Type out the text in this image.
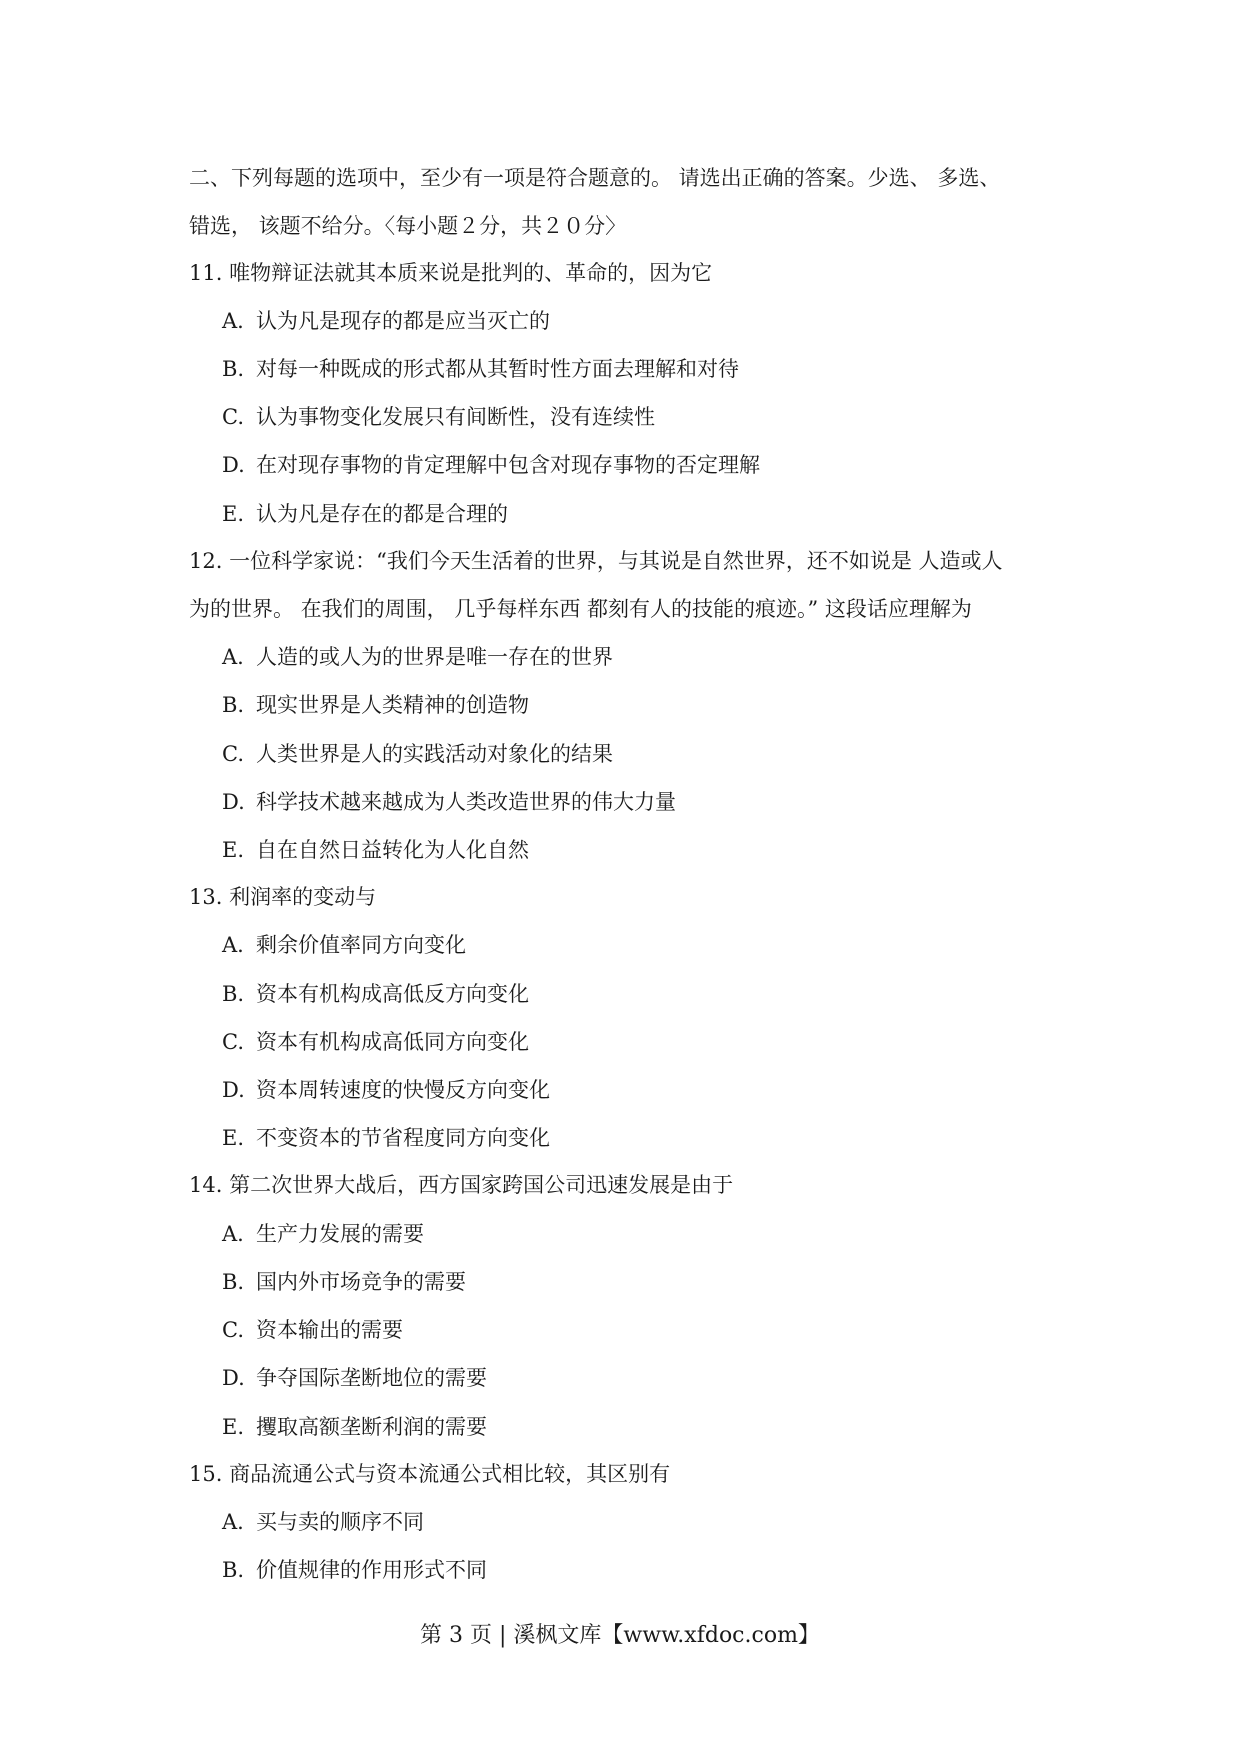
二、下列每题的选项中，至少有一项是符合题意的。 请选出正确的答案。少选、 多选、
错选， 该题不给分。〈每小题２分，共２０分〉
11. 唯物辩证法就其本质来说是批判的、革命的，因为它
A. 认为凡是现存的都是应当灭亡的
B. 对每一种既成的形式都从其暂时性方面去理解和对待
C. 认为事物变化发展只有间断性，没有连续性
D. 在对现存事物的肯定理解中包含对现存事物的否定理解
E. 认为凡是存在的都是合理的
12. 一位科学家说：“我们今天生活着的世界，与其说是自然世界，还不如说是 人造或人
为的世界。 在我们的周围， 几乎每样东西 都刻有人的技能的痕迹。” 这段话应理解为
A. 人造的或人为的世界是唯一存在的世界
B. 现实世界是人类精神的创造物
C. 人类世界是人的实践活动对象化的结果
D. 科学技术越来越成为人类改造世界的伟大力量
E. 自在自然日益转化为人化自然
13. 利润率的变动与
A. 剩余价值率同方向变化
B. 资本有机构成高低反方向变化
C. 资本有机构成高低同方向变化
D. 资本周转速度的快慢反方向变化
E. 不变资本的节省程度同方向变化
14. 第二次世界大战后，西方国家跨国公司迅速发展是由于
A. 生产力发展的需要
B. 国内外市场竞争的需要
C. 资本输出的需要
D. 争夺国际垄断地位的需要
E. 攫取高额垄断利润的需要
15. 商品流通公式与资本流通公式相比较，其区别有
A. 买与卖的顺序不同
B. 价值规律的作用形式不同
第 3 页 | 溪枫文库【www.xfdoc.com】
